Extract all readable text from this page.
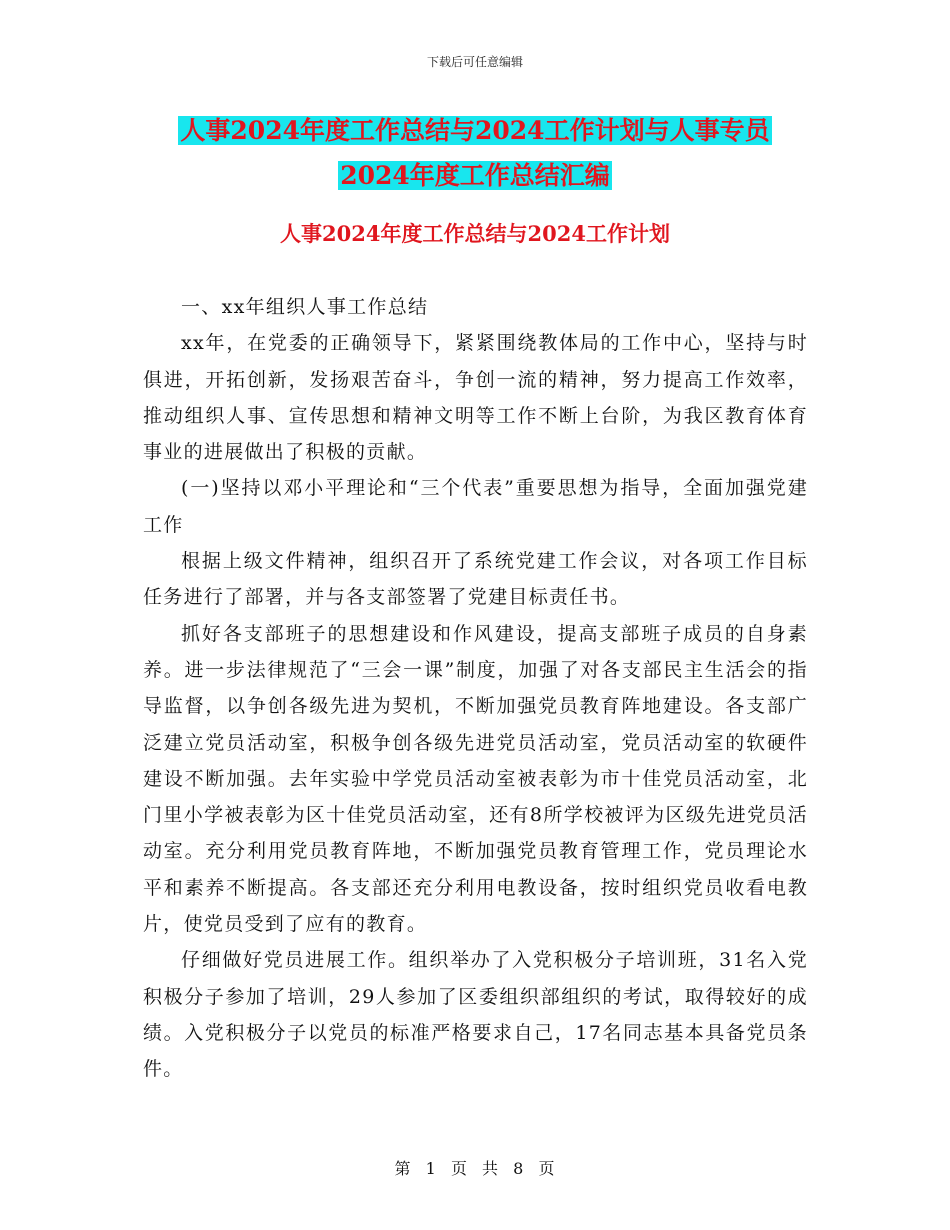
下载后可任意编辑
人事2024年度工作总结与2024工作计划与人事专员
2024年度工作总结汇编
人事2024年度工作总结与2024工作计划

一、xx年组织人事工作总结

xx年，在党委的正确领导下，紧紧围绕教体局的工作中心，坚持与时俱进，开拓创新，发扬艰苦奋斗，争创一流的精神，努力提高工作效率，推动组织人事、宣传思想和精神文明等工作不断上台阶，为我区教育体育事业的进展做出了积极的贡献。

(一)坚持以邓小平理论和“三个代表”重要思想为指导，全面加强党建工作

根据上级文件精神，组织召开了系统党建工作会议，对各项工作目标任务进行了部署，并与各支部签署了党建目标责任书。

抓好各支部班子的思想建设和作风建设，提高支部班子成员的自身素养。进一步法律规范了“三会一课”制度，加强了对各支部民主生活会的指导监督，以争创各级先进为契机，不断加强党员教育阵地建设。各支部广泛建立党员活动室，积极争创各级先进党员活动室，党员活动室的软硬件建设不断加强。去年实验中学党员活动室被表彰为市十佳党员活动室，北门里小学被表彰为区十佳党员活动室，还有8所学校被评为区级先进党员活动室。充分利用党员教育阵地，不断加强党员教育管理工作，党员理论水平和素养不断提高。各支部还充分利用电教设备，按时组织党员收看电教片，使党员受到了应有的教育。

仔细做好党员进展工作。组织举办了入党积极分子培训班，31名入党积极分子参加了培训，29人参加了区委组织部组织的考试，取得较好的成绩。入党积极分子以党员的标准严格要求自己，17名同志基本具备党员条件。

第 1 页 共 8 页
